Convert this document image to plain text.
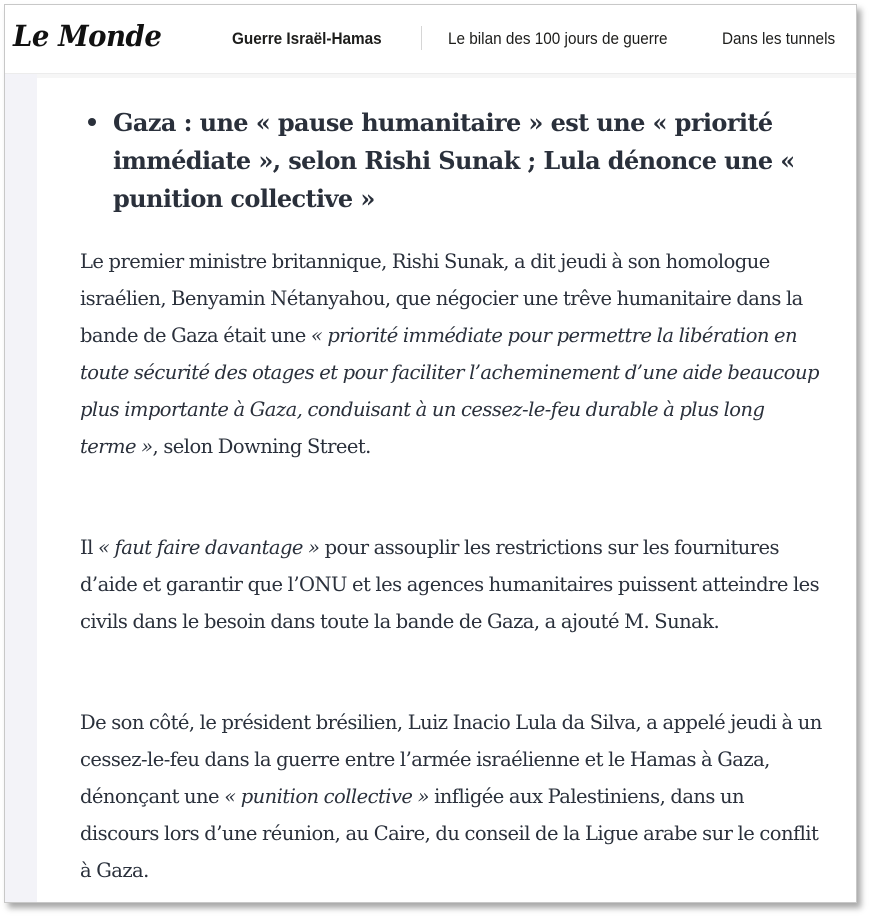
Le Monde	Guerre Israël-Hamas	Le bilan des 100 jours de guerre	Dans les tunnels
Gaza : une « pause humanitaire » est une « priorité immédiate », selon Rishi Sunak ; Lula dénonce une « punition collective »

Le premier ministre britannique, Rishi Sunak, a dit jeudi à son homologue israélien, Benyamin Nétanyahou, que négocier une trêve humanitaire dans la bande de Gaza était une « priorité immédiate pour permettre la libération en toute sécurité des otages et pour faciliter l’acheminement d’une aide beaucoup plus importante à Gaza, conduisant à un cessez-le-feu durable à plus long terme », selon Downing Street.

Il « faut faire davantage » pour assouplir les restrictions sur les fournitures d’aide et garantir que l’ONU et les agences humanitaires puissent atteindre les civils dans le besoin dans toute la bande de Gaza, a ajouté M. Sunak.

De son côté, le président brésilien, Luiz Inacio Lula da Silva, a appelé jeudi à un cessez-le-feu dans la guerre entre l’armée israélienne et le Hamas à Gaza, dénonçant une « punition collective » infligée aux Palestiniens, dans un discours lors d’une réunion, au Caire, du conseil de la Ligue arabe sur le conflit à Gaza.
